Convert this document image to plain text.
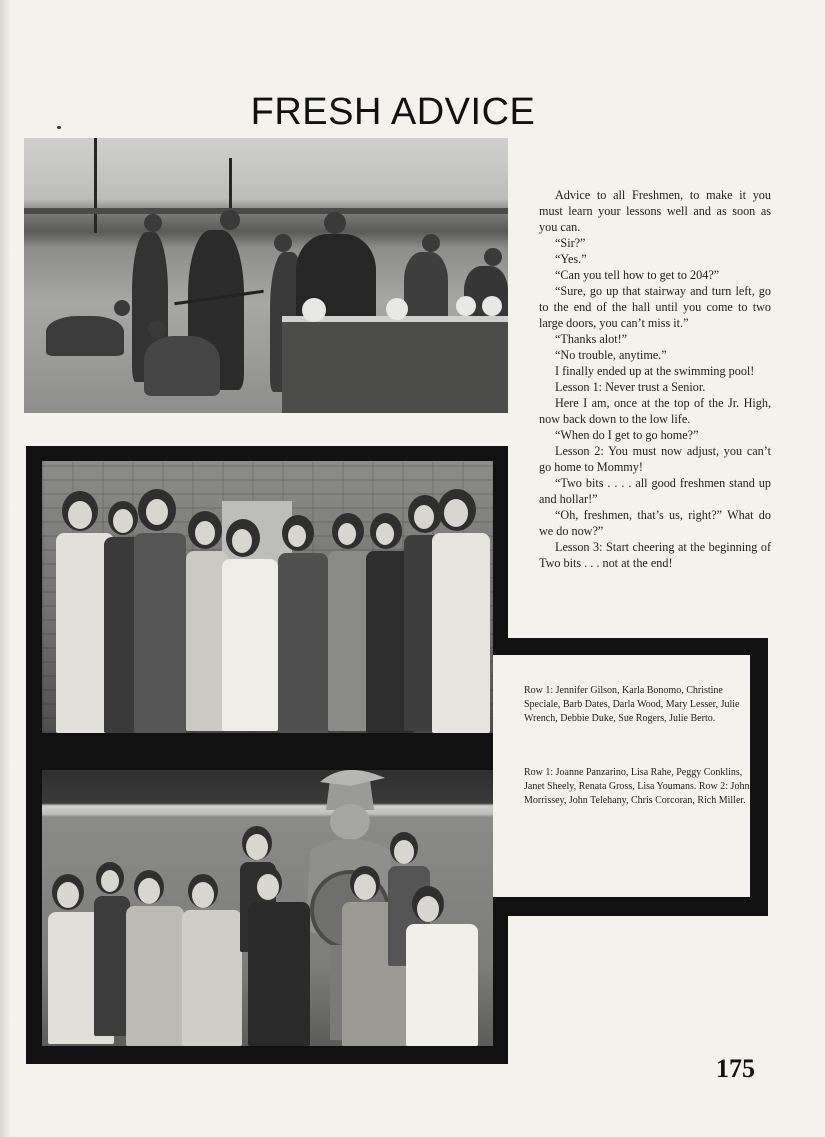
FRESH ADVICE
Row 1: Jennifer Gilson, Karla Bonomo, Christine Speciale, Barb Dates, Darla Wood, Mary Lesser, Julie Wrench, Debbie Duke, Sue Rogers, Julie Berto.
Row 1: Joanne Panzarino, Lisa Rahe, Peggy Conklins, Janet Sheely, Renata Gross, Lisa Youmans. Row 2: John Morrissey, John Telehany, Chris Corcoran, Rich Miller.

Advice to all Freshmen, to make it you must learn your lessons well and as soon as you can.

“Sir?”

“Yes.”

“Can you tell how to get to 204?”

“Sure, go up that stairway and turn left, go to the end of the hall until you come to two large doors, you can’t miss it.”

“Thanks alot!”

“No trouble, anytime.”

I finally ended up at the swimming pool!

Lesson 1: Never trust a Senior.

Here I am, once at the top of the Jr. High, now back down to the low life.

“When do I get to go home?”

Lesson 2: You must now adjust, you can’t go home to Mommy!

“Two bits . . . . all good freshmen stand up and hollar!”

“Oh, freshmen, that’s us, right?” What do we do now?”

Lesson 3: Start cheering at the beginning of Two bits . . . not at the end!

175
